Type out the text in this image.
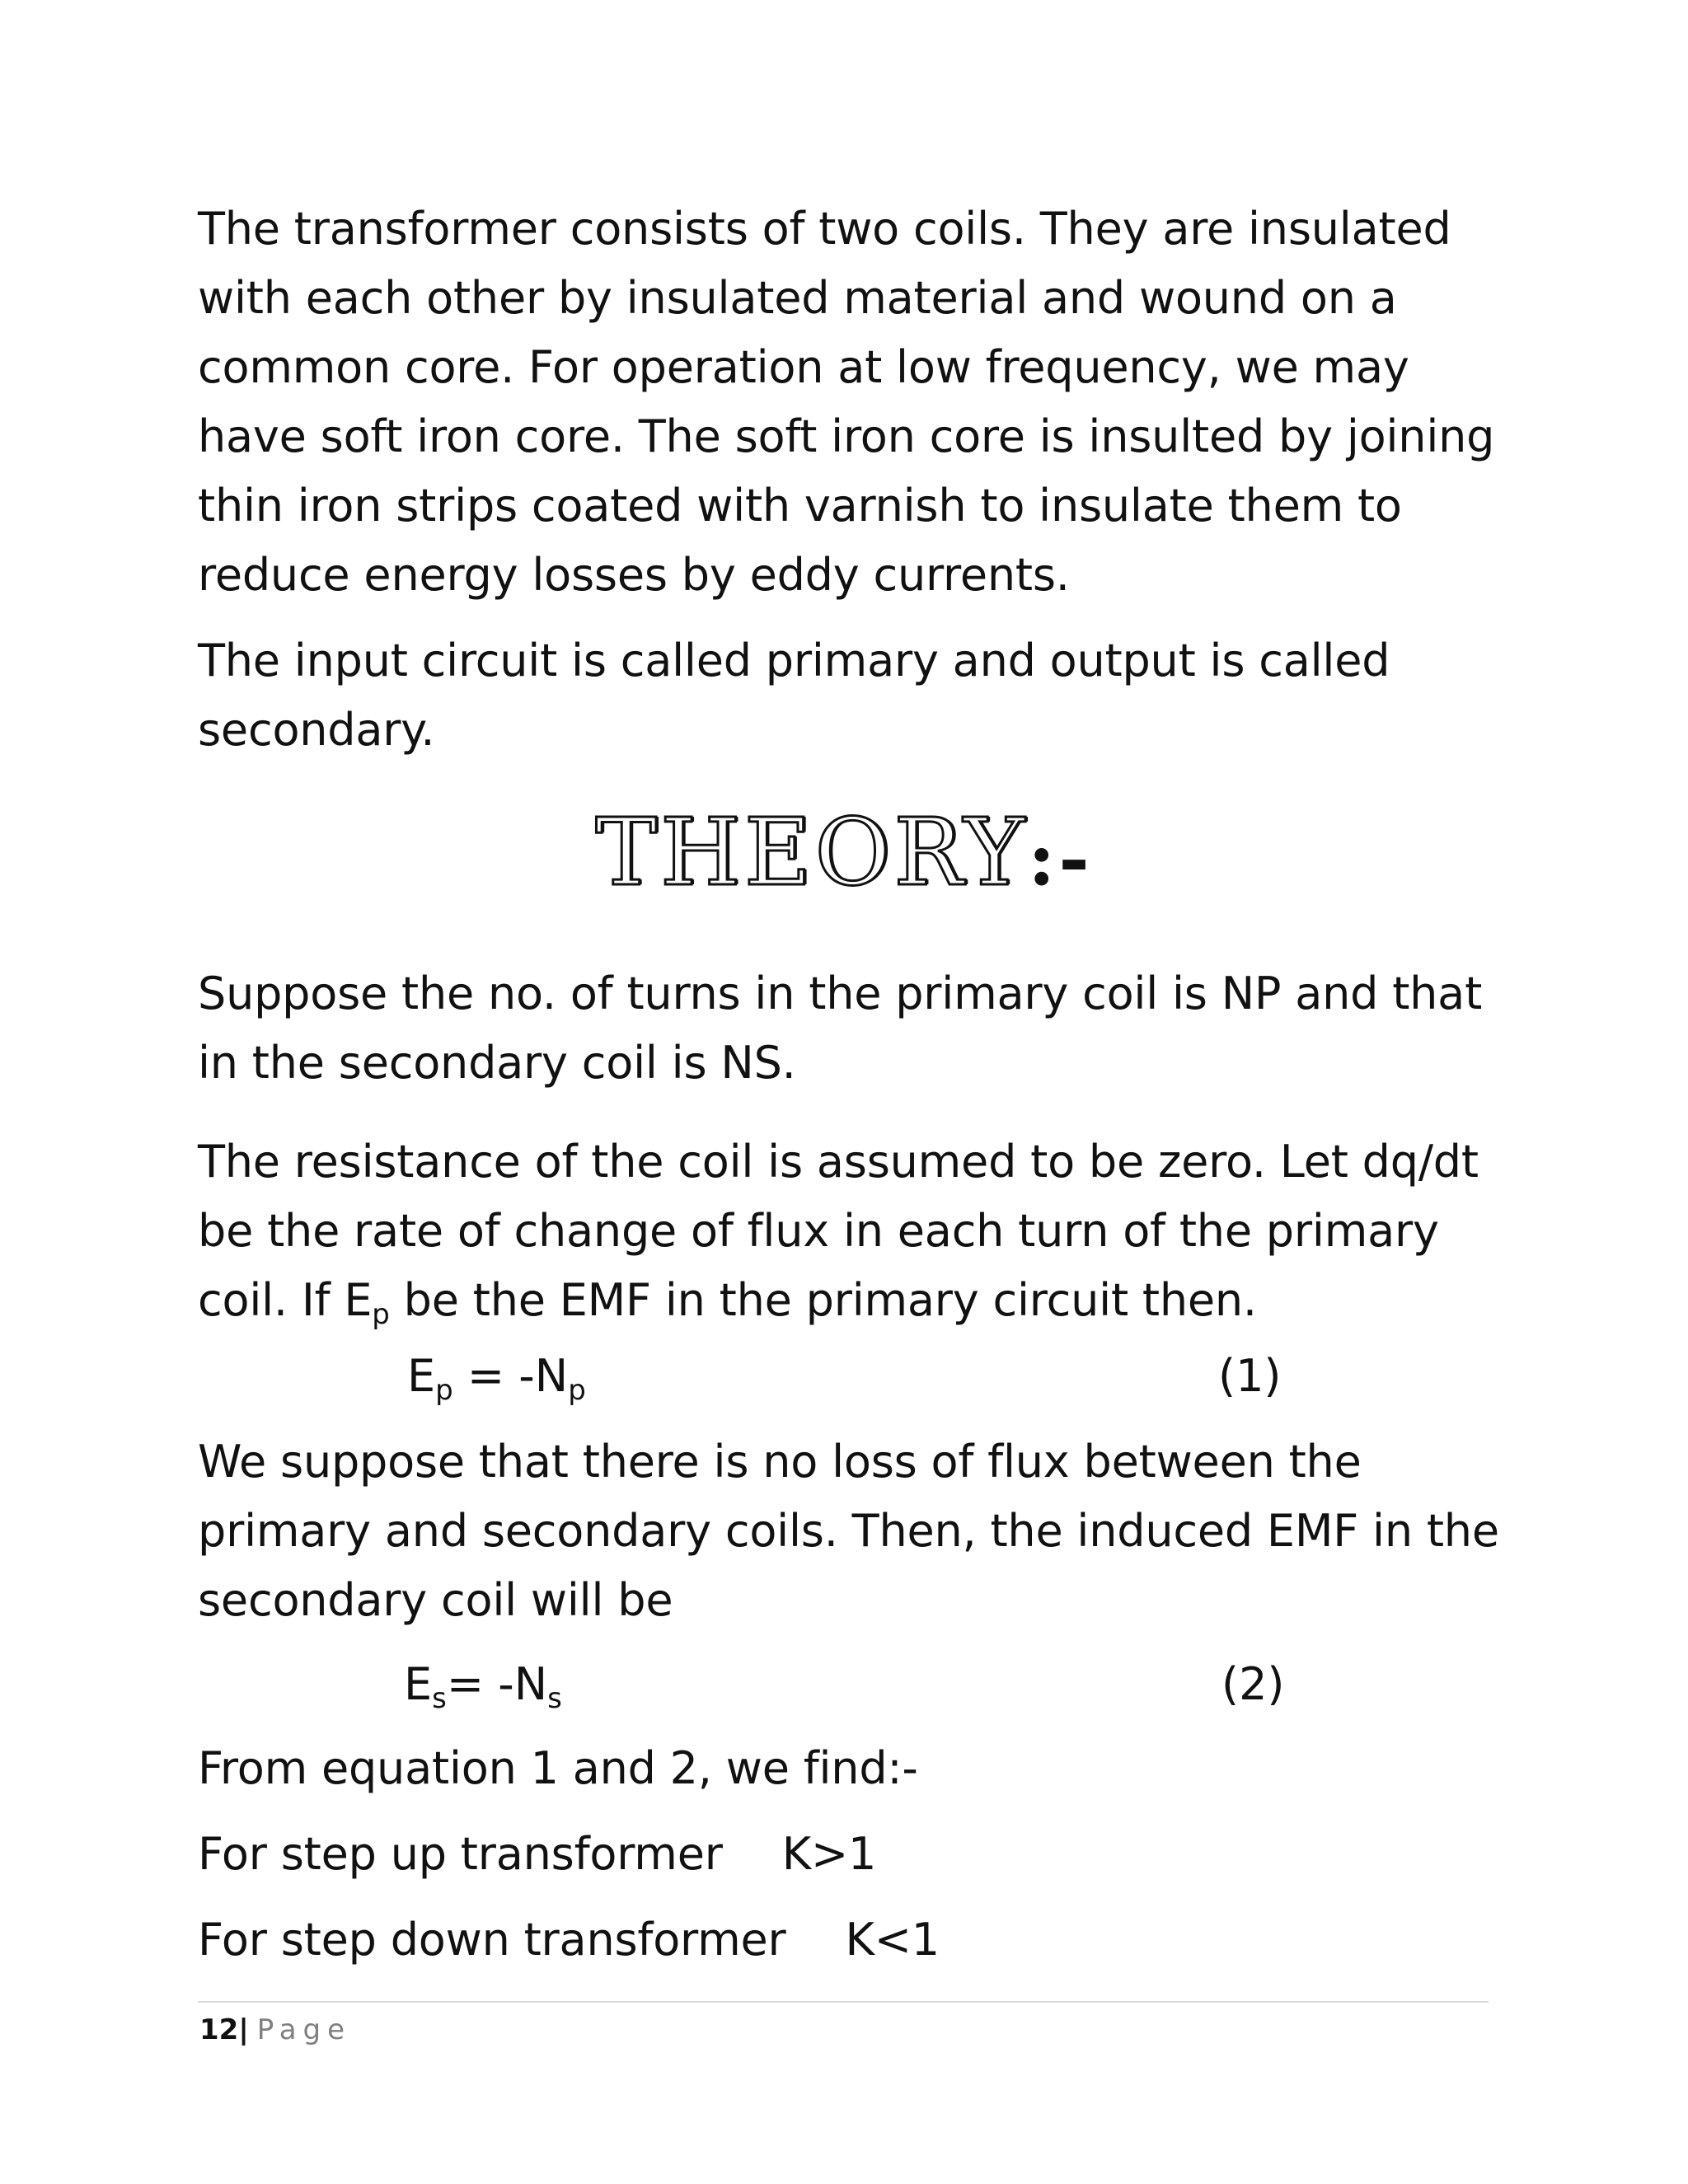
The transformer consists of two coils. They are insulated with each other by insulated material and wound on a common core. For operation at low frequency, we may have soft iron core. The soft iron core is insulted by joining thin iron strips coated with varnish to insulate them to reduce energy losses by eddy currents.

The input circuit is called primary and output is called secondary.

THEORY:-

Suppose the no. of turns in the primary coil is NP and that in the secondary coil is NS.

The resistance of the coil is assumed to be zero. Let dq/dt be the rate of change of flux in each turn of the primary coil. If Ep be the EMF in the primary circuit then.

$E_p = -N_p$	(1)

We suppose that there is no loss of flux between the primary and secondary coils. Then, the induced EMF in the secondary coil will be

$E_s= -N_s$	(2)

From equation 1 and 2, we find:-

For step up transformer K>1

For step down transformer K<1

12| Page
